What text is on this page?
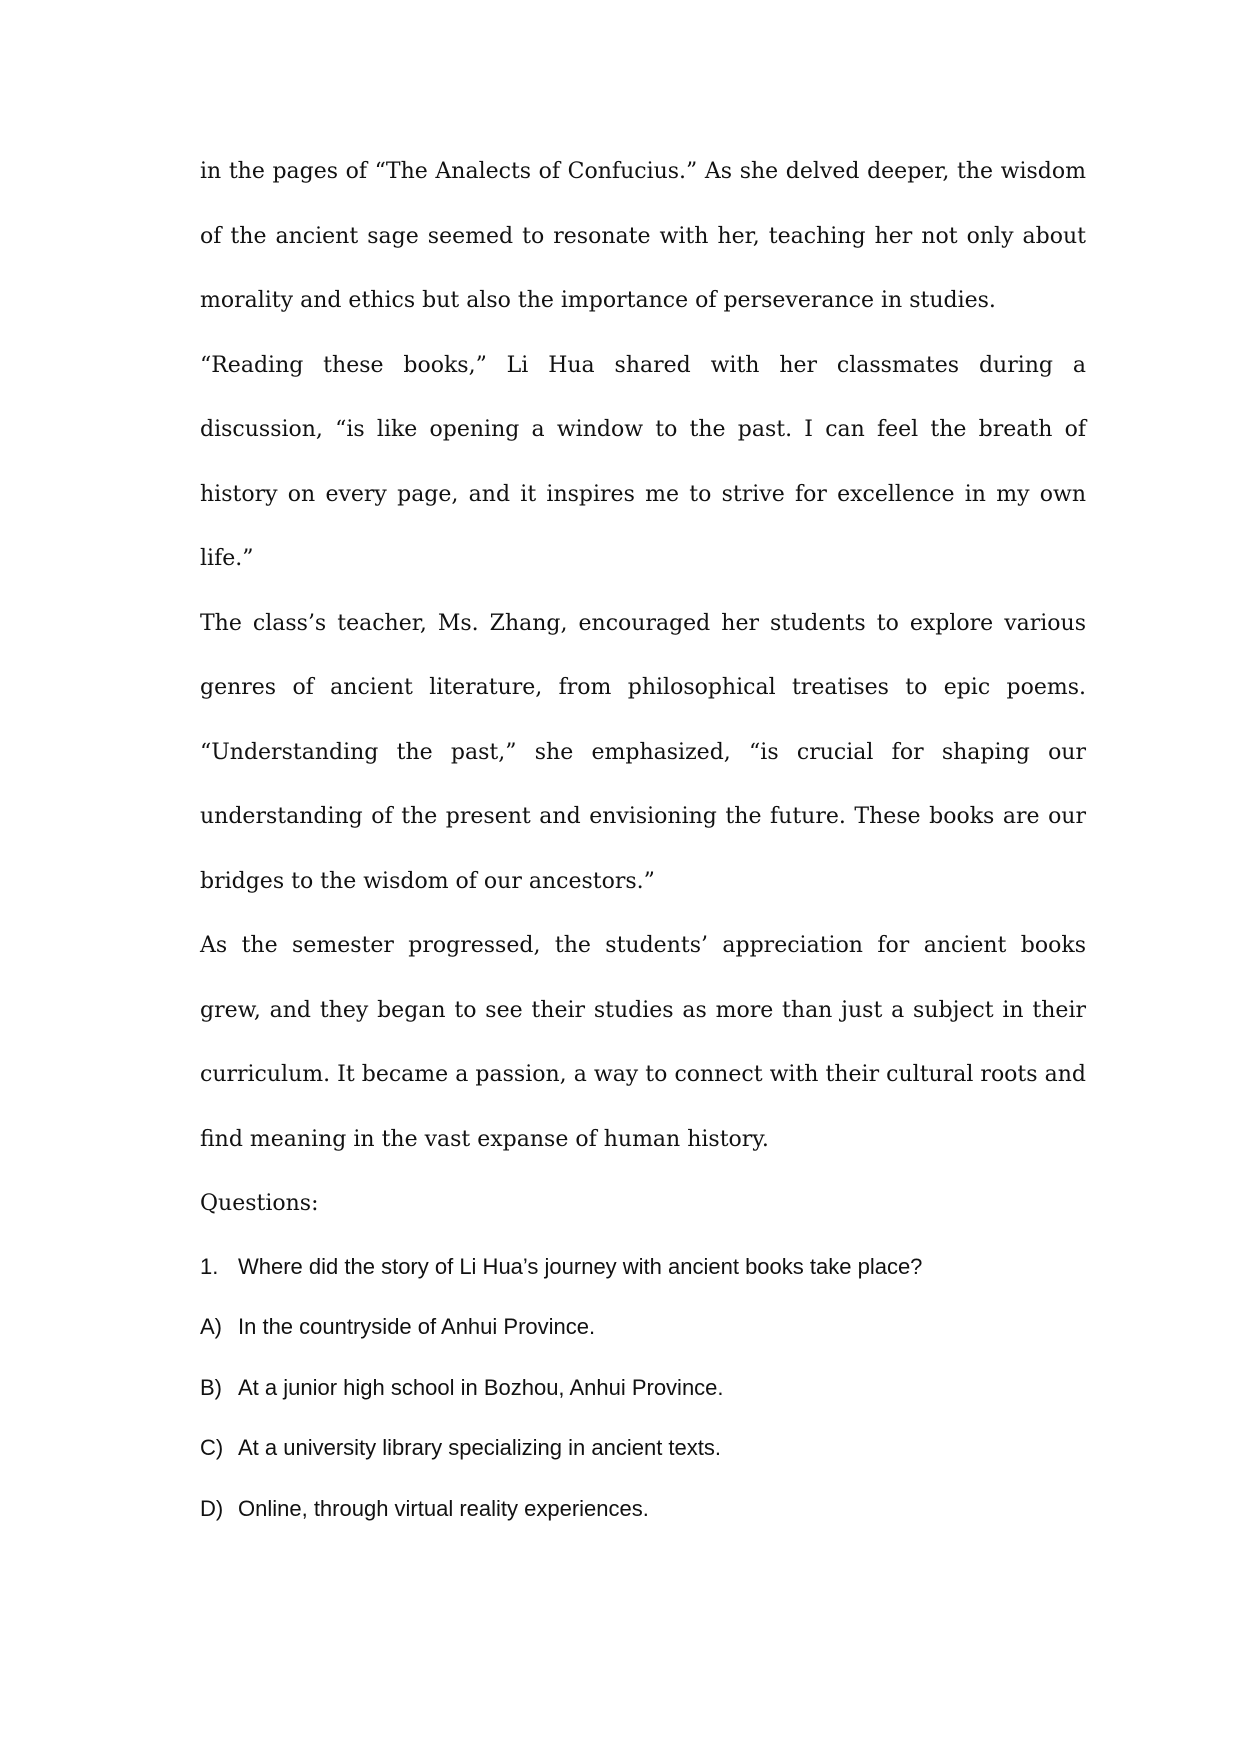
in the pages of “The Analects of Confucius.” As she delved deeper, the wisdom of the ancient sage seemed to resonate with her, teaching her not only about morality and ethics but also the importance of perseverance in studies.

“Reading these books,” Li Hua shared with her classmates during a discussion, “is like opening a window to the past. I can feel the breath of history on every page, and it inspires me to strive for excellence in my own life.”

The class’s teacher, Ms. Zhang, encouraged her students to explore various genres of ancient literature, from philosophical treatises to epic poems. “Understanding the past,” she emphasized, “is crucial for shaping our understanding of the present and envisioning the future. These books are our bridges to the wisdom of our ancestors.”

As the semester progressed, the students’ appreciation for ancient books grew, and they began to see their studies as more than just a subject in their curriculum. It became a passion, a way to connect with their cultural roots and find meaning in the vast expanse of human history.

Questions:

1. Where did the story of Li Hua’s journey with ancient books take place?
A) In the countryside of Anhui Province.
B) At a junior high school in Bozhou, Anhui Province.
C) At a university library specializing in ancient texts.
D) Online, through virtual reality experiences.
